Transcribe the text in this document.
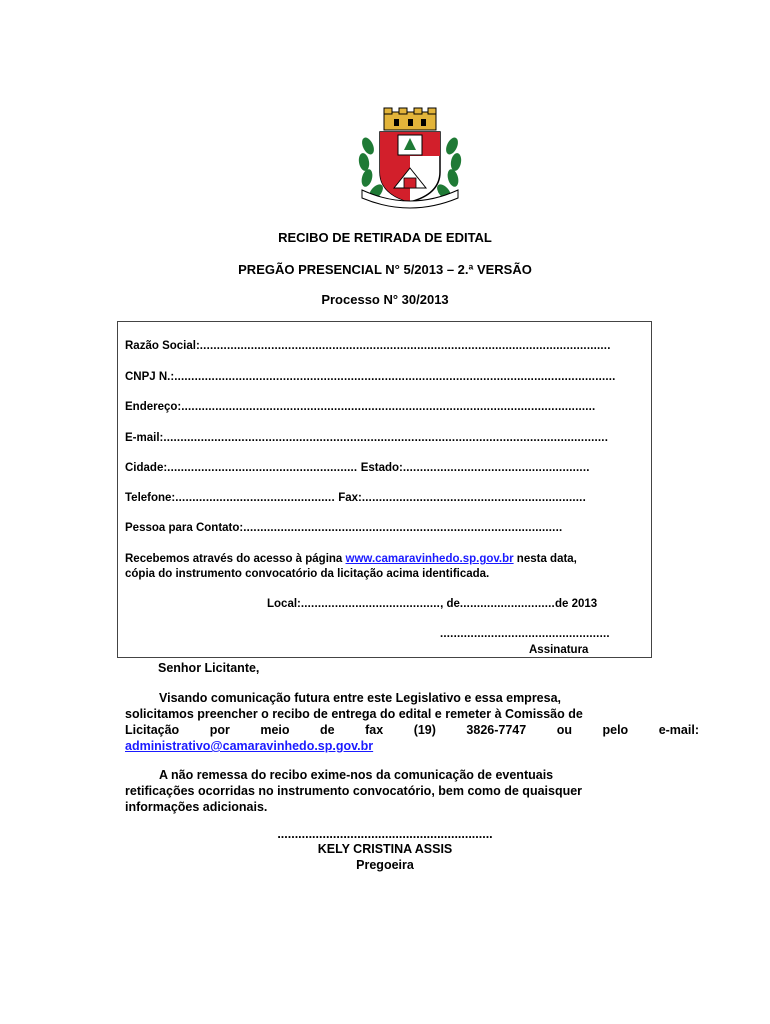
RECIBO DE RETIRADA DE EDITAL
PREGÃO PRESENCIAL N° 5/2013 – 2.ª VERSÃO
Processo N° 30/2013
Razão Social:.........................................................................................................................
CNPJ N.:..................................................................................................................................
Endereço:..........................................................................................................................
E-mail:...................................................................................................................................
Cidade:........................................................ Estado:.......................................................
Telefone:............................................... Fax:..................................................................
Pessoa para Contato:..............................................................................................
Recebemos através do acesso à página www.camaravinhedo.sp.gov.br nesta data,
cópia do instrumento convocatório da licitação acima identificada.
Local:........................................., de............................de 2013
..................................................
Assinatura
Senhor Licitante,
Visando comunicação futura entre este Legislativo e essa empresa,
solicitamos preencher o recibo de entrega do edital e remeter à Comissão de
Licitação por meio de fax (19) 3826-7747 ou pelo e-mail:
administrativo@camaravinhedo.sp.gov.br
A não remessa do recibo exime-nos da comunicação de eventuais
retificações ocorridas no instrumento convocatório, bem como de quaisquer
informações adicionais.
..............................................................
KELY CRISTINA ASSIS
Pregoeira
